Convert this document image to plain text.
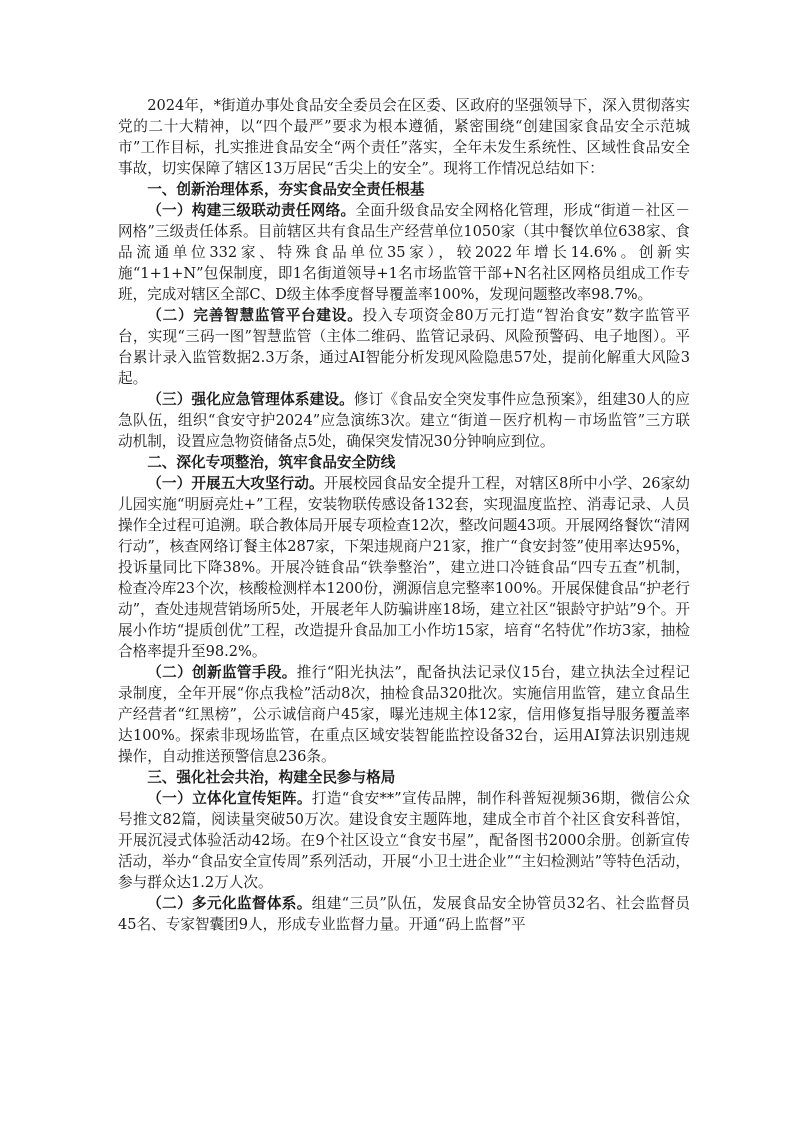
2024年，*街道办事处食品安全委员会在区委、区政府的坚强领导下，深入贯彻落实党的二十大精神，以“四个最严”要求为根本遵循，紧密围绕“创建国家食品安全示范城市”工作目标，扎实推进食品安全“两个责任”落实，全年未发生系统性、区域性食品安全事故，切实保障了辖区13万居民“舌尖上的安全”。现将工作情况总结如下：

一、创新治理体系，夯实食品安全责任根基

（一）构建三级联动责任网络。全面升级食品安全网格化管理，形成“街道－社区－网格”三级责任体系。目前辖区共有食品生产经营单位1050家（其中餐饮单位638家、食品流通单位332家、特殊食品单位35家），较2022年增长14.6%。创新实施“1+1+N”包保制度，即1名街道领导+1名市场监管干部+N名社区网格员组成工作专班，完成对辖区全部C、D级主体季度督导覆盖率100%，发现问题整改率98.7%。

（二）完善智慧监管平台建设。投入专项资金80万元打造“智治食安”数字监管平台，实现“三码一图”智慧监管（主体二维码、监管记录码、风险预警码、电子地图）。平台累计录入监管数据2.3万条，通过AI智能分析发现风险隐患57处，提前化解重大风险3起。

（三）强化应急管理体系建设。修订《食品安全突发事件应急预案》，组建30人的应急队伍，组织“食安守护2024”应急演练3次。建立“街道－医疗机构－市场监管”三方联动机制，设置应急物资储备点5处，确保突发情况30分钟响应到位。

二、深化专项整治，筑牢食品安全防线

（一）开展五大攻坚行动。开展校园食品安全提升工程，对辖区8所中小学、26家幼儿园实施“明厨亮灶+”工程，安装物联传感设备132套，实现温度监控、消毒记录、人员操作全过程可追溯。联合教体局开展专项检查12次，整改问题43项。开展网络餐饮“清网行动”，核查网络订餐主体287家，下架违规商户21家，推广“食安封签”使用率达95%，投诉量同比下降38%。开展冷链食品“铁拳整治”，建立进口冷链食品“四专五查”机制，检查冷库23个次，核酸检测样本1200份，溯源信息完整率100%。开展保健食品“护老行动”，查处违规营销场所5处，开展老年人防骗讲座18场，建立社区“银龄守护站”9个。开展小作坊“提质创优”工程，改造提升食品加工小作坊15家，培育“名特优”作坊3家，抽检合格率提升至98.2%。

（二）创新监管手段。推行“阳光执法”，配备执法记录仪15台，建立执法全过程记录制度，全年开展“你点我检”活动8次，抽检食品320批次。实施信用监管，建立食品生产经营者“红黑榜”，公示诚信商户45家，曝光违规主体12家，信用修复指导服务覆盖率达100%。探索非现场监管，在重点区域安装智能监控设备32台，运用AI算法识别违规操作，自动推送预警信息236条。

三、强化社会共治，构建全民参与格局

（一）立体化宣传矩阵。打造“食安**”宣传品牌，制作科普短视频36期，微信公众号推文82篇，阅读量突破50万次。建设食安主题阵地，建成全市首个社区食安科普馆，开展沉浸式体验活动42场。在9个社区设立“食安书屋”，配备图书2000余册。创新宣传活动，举办“食品安全宣传周”系列活动，开展“小卫士进企业”“主妇检测站”等特色活动，参与群众达1.2万人次。

（二）多元化监督体系。组建“三员”队伍，发展食品安全协管员32名、社会监督员45名、专家智囊团9人，形成专业监督力量。开通“码上监督”平
